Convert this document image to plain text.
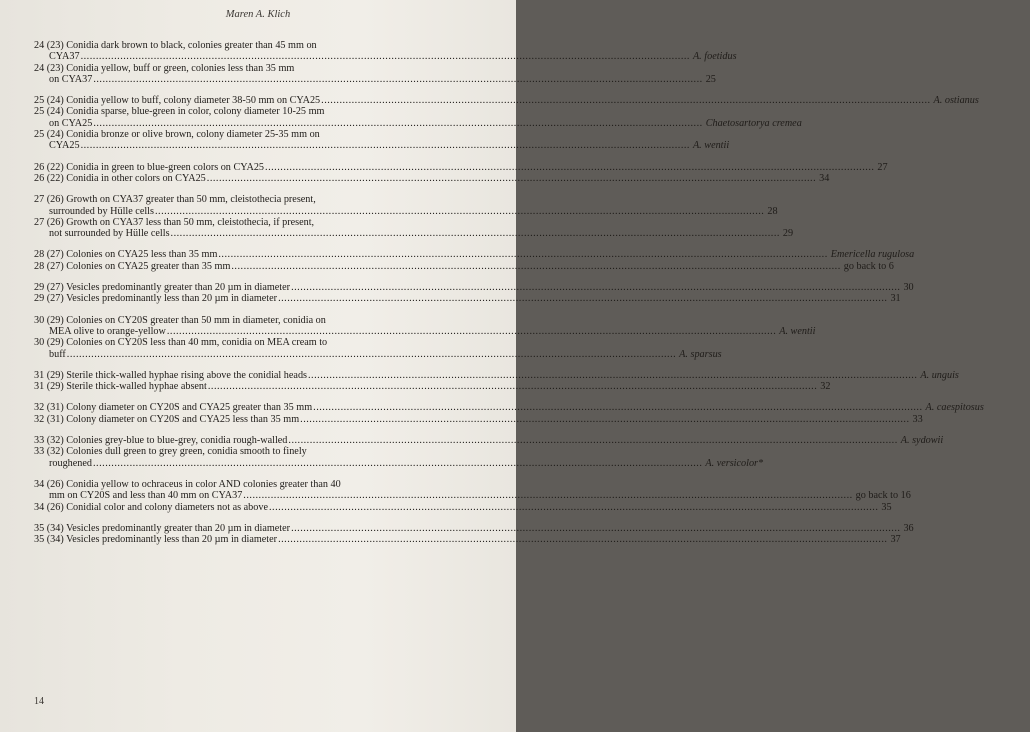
Maren A. Klich
24 (23) Conidia dark brown to black, colonies greater than 45 mm on
CYA37 ........................................................................................................................................................................................................ A. foetidus
24 (23) Conidia yellow, buff or green, colonies less than 35 mm
on CYA37 ........................................................................................................................................................................................................ 25
25 (24) Conidia yellow to buff, colony diameter 38-50 mm on CYA25 ........................................................................................................................................................................................................ A. ostianus
25 (24) Conidia sparse, blue-green in color, colony diameter 10-25 mm
on CYA25 ........................................................................................................................................................................................................ Chaetosartorya cremea
25 (24) Conidia bronze or olive brown, colony diameter 25-35 mm on
CYA25 ........................................................................................................................................................................................................ A. wentii
26 (22) Conidia in green to blue-green colors on CYA25 ........................................................................................................................................................................................................ 27
26 (22) Conidia in other colors on CYA25 ........................................................................................................................................................................................................ 34
27 (26) Growth on CYA37 greater than 50 mm, cleistothecia present,
surrounded by Hülle cells ........................................................................................................................................................................................................ 28
27 (26) Growth on CYA37 less than 50 mm, cleistothecia, if present,
not surrounded by Hülle cells ........................................................................................................................................................................................................ 29
28 (27) Colonies on CYA25 less than 35 mm ........................................................................................................................................................................................................ Emericella rugulosa
28 (27) Colonies on CYA25 greater than 35 mm ........................................................................................................................................................................................................ go back to 6
29 (27) Vesicles predominantly greater than 20 µm in diameter ........................................................................................................................................................................................................ 30
29 (27) Vesicles predominantly less than 20 µm in diameter ........................................................................................................................................................................................................ 31
30 (29) Colonies on CY20S greater than 50 mm in diameter, conidia on
MEA olive to orange-yellow ........................................................................................................................................................................................................ A. wentii
30 (29) Colonies on CY20S less than 40 mm, conidia on MEA cream to
buff ........................................................................................................................................................................................................ A. sparsus
31 (29) Sterile thick-walled hyphae rising above the conidial heads ........................................................................................................................................................................................................ A. unguis
31 (29) Sterile thick-walled hyphae absent ........................................................................................................................................................................................................ 32
32 (31) Colony diameter on CY20S and CYA25 greater than 35 mm ........................................................................................................................................................................................................ A. caespitosus
32 (31) Colony diameter on CY20S and CYA25 less than 35 mm ........................................................................................................................................................................................................ 33
33 (32) Colonies grey-blue to blue-grey, conidia rough-walled ........................................................................................................................................................................................................ A. sydowii
33 (32) Colonies dull green to grey green, conidia smooth to finely
roughened ........................................................................................................................................................................................................ A. versicolor*
34 (26) Conidia yellow to ochraceus in color AND colonies greater than 40
mm on CY20S and less than 40 mm on CYA37 ........................................................................................................................................................................................................ go back to 16
34 (26) Conidial color and colony diameters not as above ........................................................................................................................................................................................................ 35
35 (34) Vesicles predominantly greater than 20 µm in diameter ........................................................................................................................................................................................................ 36
35 (34) Vesicles predominantly less than 20 µm in diameter ........................................................................................................................................................................................................ 37
14
